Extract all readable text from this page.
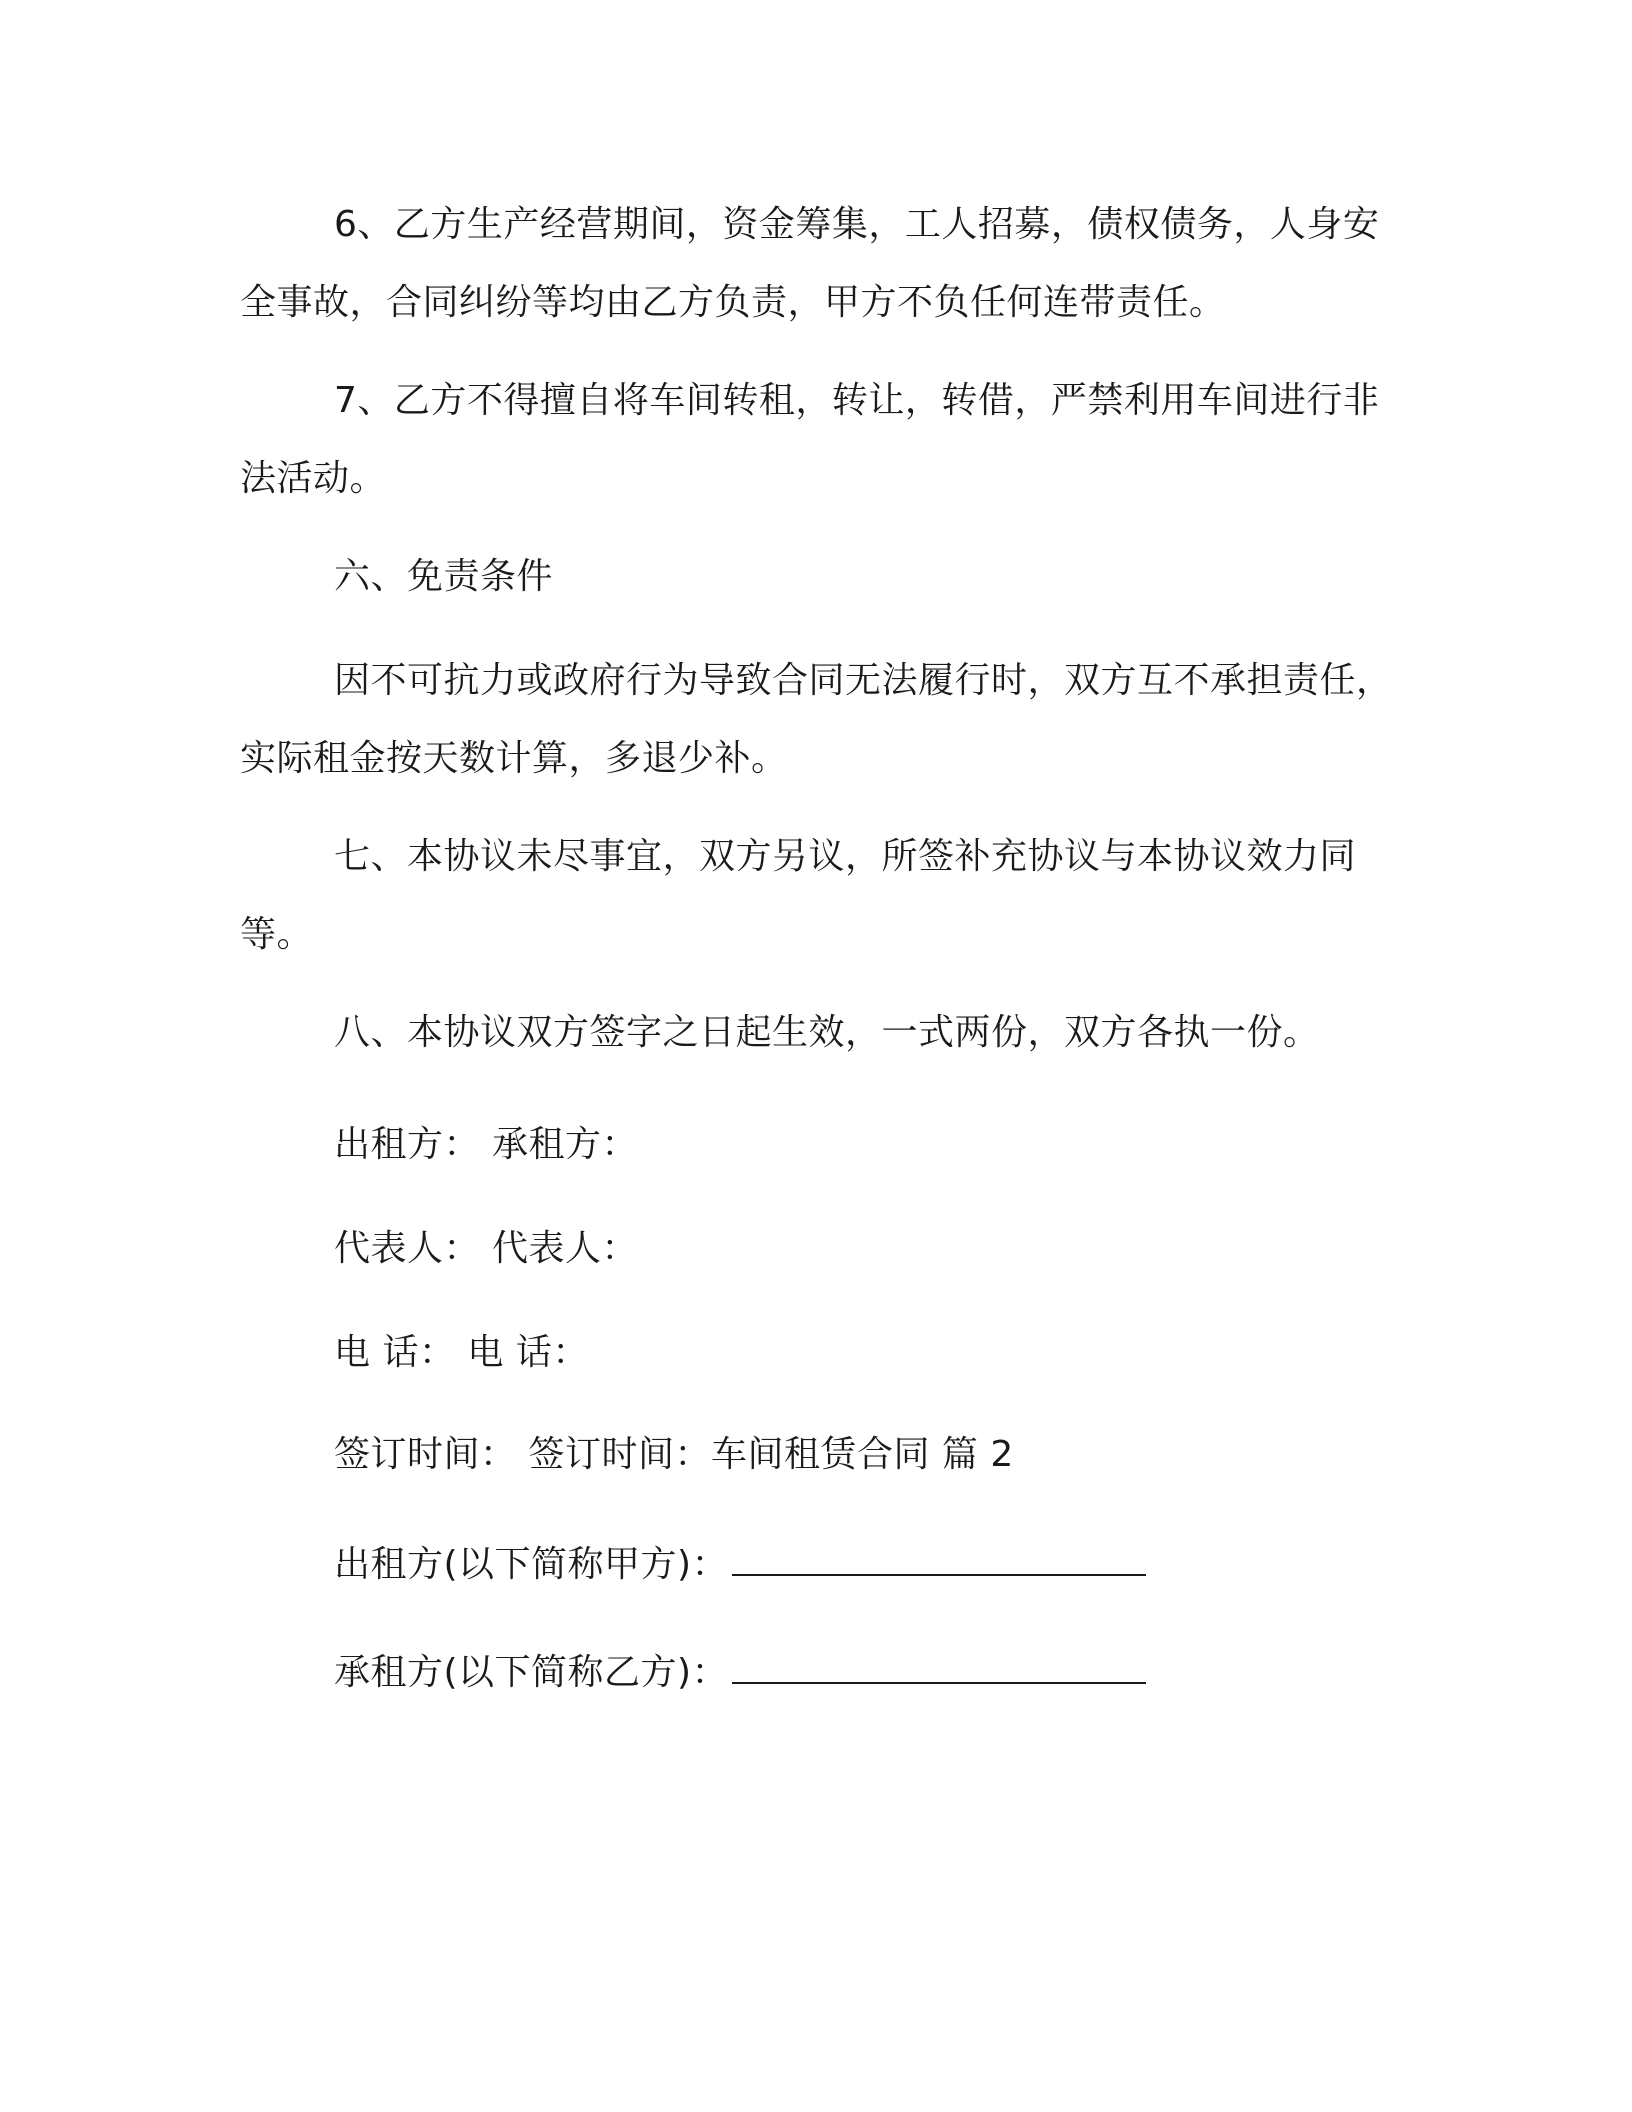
6、乙方生产经营期间，资金筹集，工人招募，债权债务，人身安全事故，合同纠纷等均由乙方负责，甲方不负任何连带责任。

7、乙方不得擅自将车间转租，转让，转借，严禁利用车间进行非法活动。

六、免责条件

因不可抗力或政府行为导致合同无法履行时，双方互不承担责任，实际租金按天数计算，多退少补。

七、本协议未尽事宜，双方另议，所签补充协议与本协议效力同等。

八、本协议双方签字之日起生效，一式两份，双方各执一份。

出租方： 承租方：

代表人： 代表人：

电 话： 电 话：

签订时间： 签订时间：车间租赁合同 篇 2

出租方(以下简称甲方)：

承租方(以下简称乙方)：
